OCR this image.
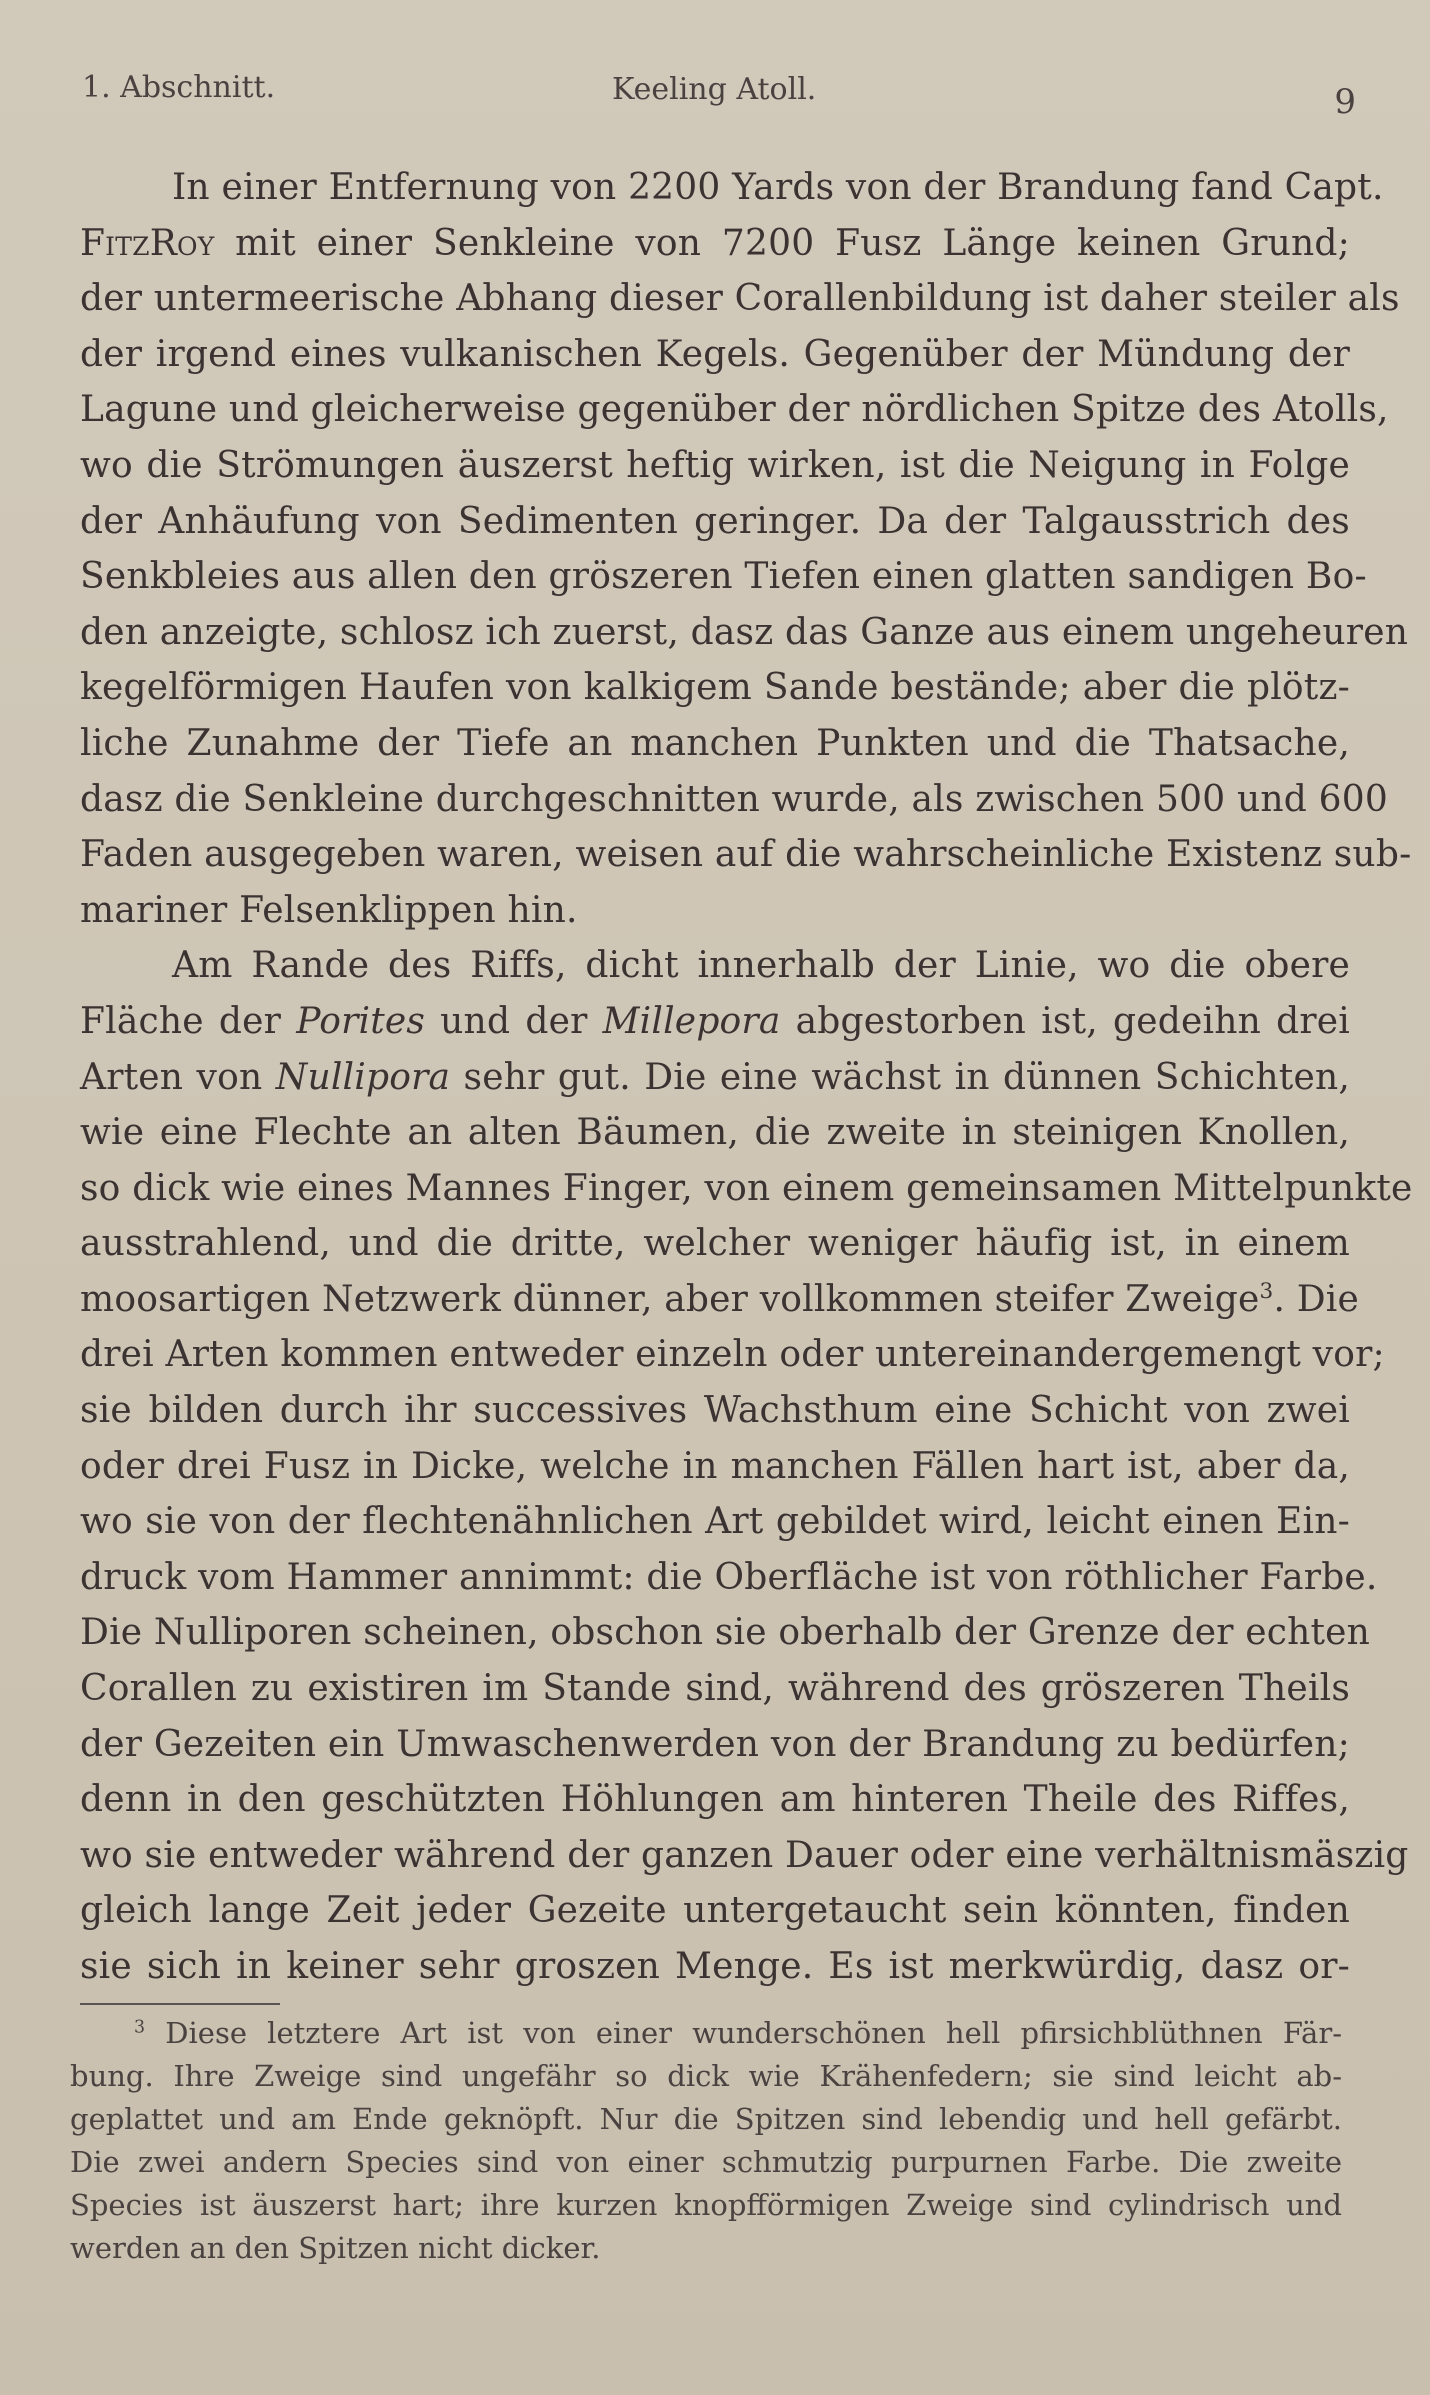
1. Abschnitt.	Keeling Atoll.	9
In einer Entfernung von 2200 Yards von der Brandung fand Capt.
FitzRoy mit einer Senkleine von 7200 Fusz Länge keinen Grund;
der untermeerische Abhang dieser Corallenbildung ist daher steiler als
der irgend eines vulkanischen Kegels. Gegenüber der Mündung der
Lagune und gleicherweise gegenüber der nördlichen Spitze des Atolls,
wo die Strömungen äuszerst heftig wirken, ist die Neigung in Folge
der Anhäufung von Sedimenten geringer. Da der Talgausstrich des
Senkbleies aus allen den gröszeren Tiefen einen glatten sandigen Bo-
den anzeigte, schlosz ich zuerst, dasz das Ganze aus einem ungeheuren
kegelförmigen Haufen von kalkigem Sande bestände; aber die plötz-
liche Zunahme der Tiefe an manchen Punkten und die Thatsache,
dasz die Senkleine durchgeschnitten wurde, als zwischen 500 und 600
Faden ausgegeben waren, weisen auf die wahrscheinliche Existenz sub-
mariner Felsenklippen hin.
Am Rande des Riffs, dicht innerhalb der Linie, wo die obere
Fläche der Porites und der Millepora abgestorben ist, gedeihn drei
Arten von Nullipora sehr gut. Die eine wächst in dünnen Schichten,
wie eine Flechte an alten Bäumen, die zweite in steinigen Knollen,
so dick wie eines Mannes Finger, von einem gemeinsamen Mittelpunkte
ausstrahlend, und die dritte, welcher weniger häufig ist, in einem
moosartigen Netzwerk dünner, aber vollkommen steifer Zweige$^3$. Die
drei Arten kommen entweder einzeln oder untereinandergemengt vor;
sie bilden durch ihr successives Wachsthum eine Schicht von zwei
oder drei Fusz in Dicke, welche in manchen Fällen hart ist, aber da,
wo sie von der flechtenähnlichen Art gebildet wird, leicht einen Ein-
druck vom Hammer annimmt: die Oberfläche ist von röthlicher Farbe.
Die Nulliporen scheinen, obschon sie oberhalb der Grenze der echten
Corallen zu existiren im Stande sind, während des gröszeren Theils
der Gezeiten ein Umwaschenwerden von der Brandung zu bedürfen;
denn in den geschützten Höhlungen am hinteren Theile des Riffes,
wo sie entweder während der ganzen Dauer oder eine verhältnismäszig
gleich lange Zeit jeder Gezeite untergetaucht sein könnten, finden
sie sich in keiner sehr groszen Menge. Es ist merkwürdig, dasz or-
$^3$ Diese letztere Art ist von einer wunderschönen hell pfirsichblüthnen Fär-
bung. Ihre Zweige sind ungefähr so dick wie Krähenfedern; sie sind leicht ab-
geplattet und am Ende geknöpft. Nur die Spitzen sind lebendig und hell gefärbt.
Die zwei andern Species sind von einer schmutzig purpurnen Farbe. Die zweite
Species ist äuszerst hart; ihre kurzen knopfförmigen Zweige sind cylindrisch und
werden an den Spitzen nicht dicker.
